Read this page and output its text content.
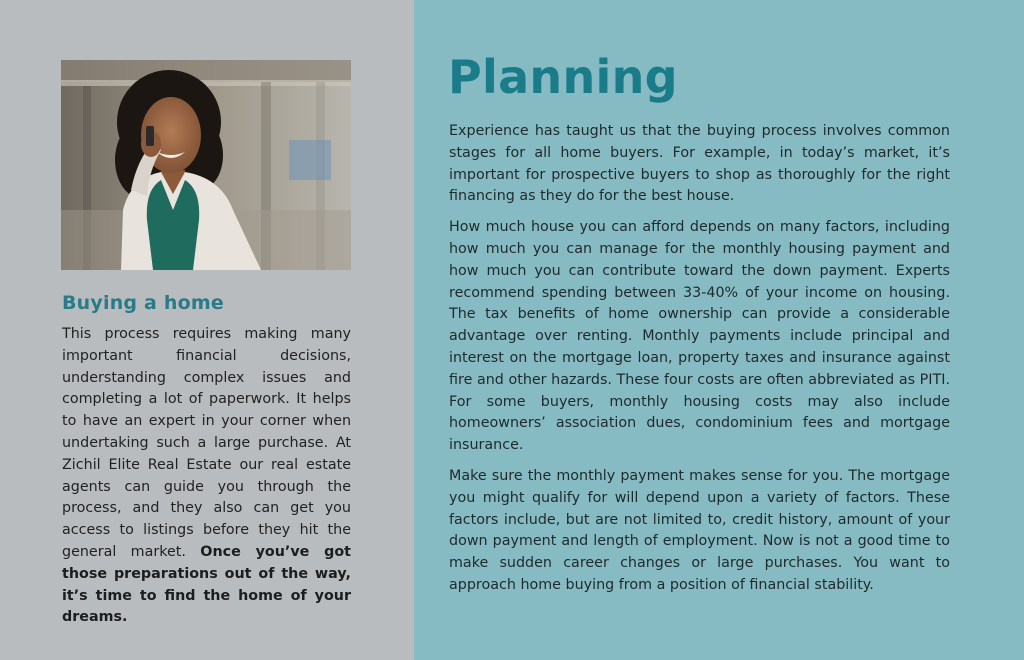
Buying a home

This process requires making many important financial decisions, understanding complex issues and completing a lot of paperwork. It helps to have an expert in your corner when undertaking such a large purchase. At Zichil Elite Real Estate our real estate agents can guide you through the process, and they also can get you access to listings before they hit the general market. Once you’ve got those preparations out of the way, it’s time to find the home of your dreams.

Planning

Experience has taught us that the buying process involves common stages for all home buyers. For example, in today’s market, it’s important for prospective buyers to shop as thoroughly for the right financing as they do for the best house.

How much house you can afford depends on many factors, including how much you can manage for the monthly housing payment and how much you can contribute toward the down payment. Experts recommend spending between 33-40% of your income on housing. The tax benefits of home ownership can provide a considerable advantage over renting. Monthly payments include principal and interest on the mortgage loan, property taxes and insurance against fire and other hazards. These four costs are often abbreviated as PITI. For some buyers, monthly housing costs may also include homeowners’ association dues, condominium fees and mortgage insurance.

Make sure the monthly payment makes sense for you. The mortgage you might qualify for will depend upon a variety of factors. These factors include, but are not limited to, credit history, amount of your down payment and length of employment. Now is not a good time to make sudden career changes or large purchases. You want to approach home buying from a position of financial stability.
